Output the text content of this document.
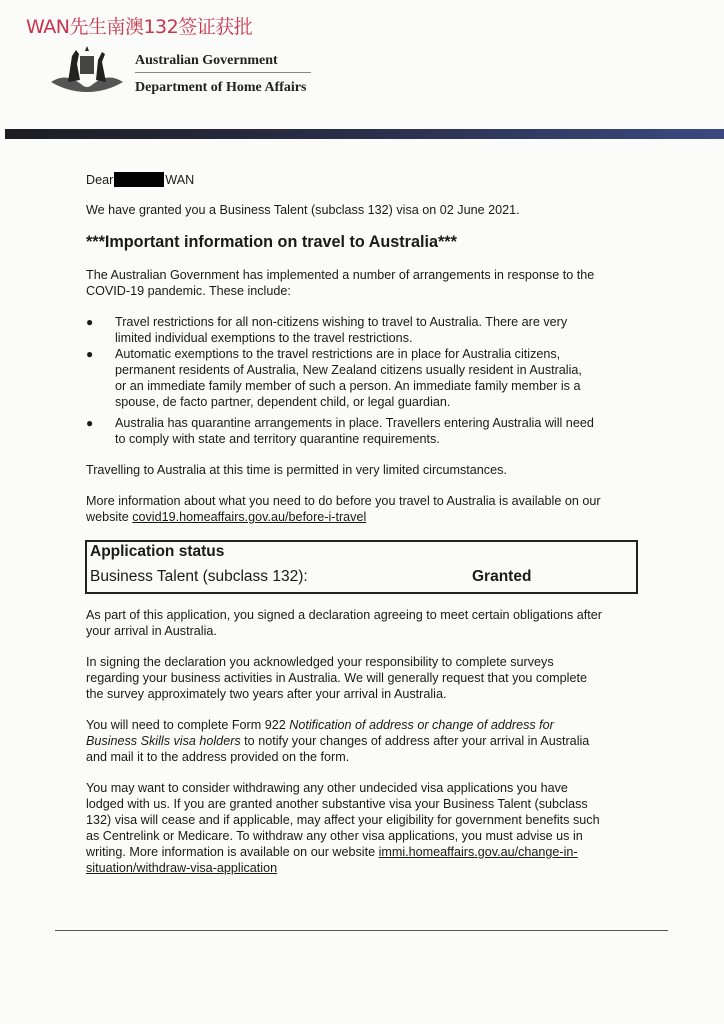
WAN先生南澳132签证获批
Australian Government
Department of Home Affairs
Dear	WAN
We have granted you a Business Talent (subclass 132) visa on 02 June 2021.
***Important information on travel to Australia***
The Australian Government has implemented a number of arrangements in response to the
COVID-19 pandemic. These include:
● Travel restrictions for all non-citizens wishing to travel to Australia. There are very
limited individual exemptions to the travel restrictions.
● Automatic exemptions to the travel restrictions are in place for Australia citizens,
permanent residents of Australia, New Zealand citizens usually resident in Australia,
or an immediate family member of such a person. An immediate family member is a
spouse, de facto partner, dependent child, or legal guardian.
● Australia has quarantine arrangements in place. Travellers entering Australia will need
to comply with state and territory quarantine requirements.
Travelling to Australia at this time is permitted in very limited circumstances.
More information about what you need to do before you travel to Australia is available on our
website covid19.homeaffairs.gov.au/before-i-travel
Application status
Business Talent (subclass 132):	Granted
As part of this application, you signed a declaration agreeing to meet certain obligations after
your arrival in Australia.
In signing the declaration you acknowledged your responsibility to complete surveys
regarding your business activities in Australia. We will generally request that you complete
the survey approximately two years after your arrival in Australia.
You will need to complete Form 922 Notification of address or change of address for
Business Skills visa holders to notify your changes of address after your arrival in Australia
and mail it to the address provided on the form.
You may want to consider withdrawing any other undecided visa applications you have
lodged with us. If you are granted another substantive visa your Business Talent (subclass
132) visa will cease and if applicable, may affect your eligibility for government benefits such
as Centrelink or Medicare. To withdraw any other visa applications, you must advise us in
writing. More information is available on our website immi.homeaffairs.gov.au/change-in-
situation/withdraw-visa-application
